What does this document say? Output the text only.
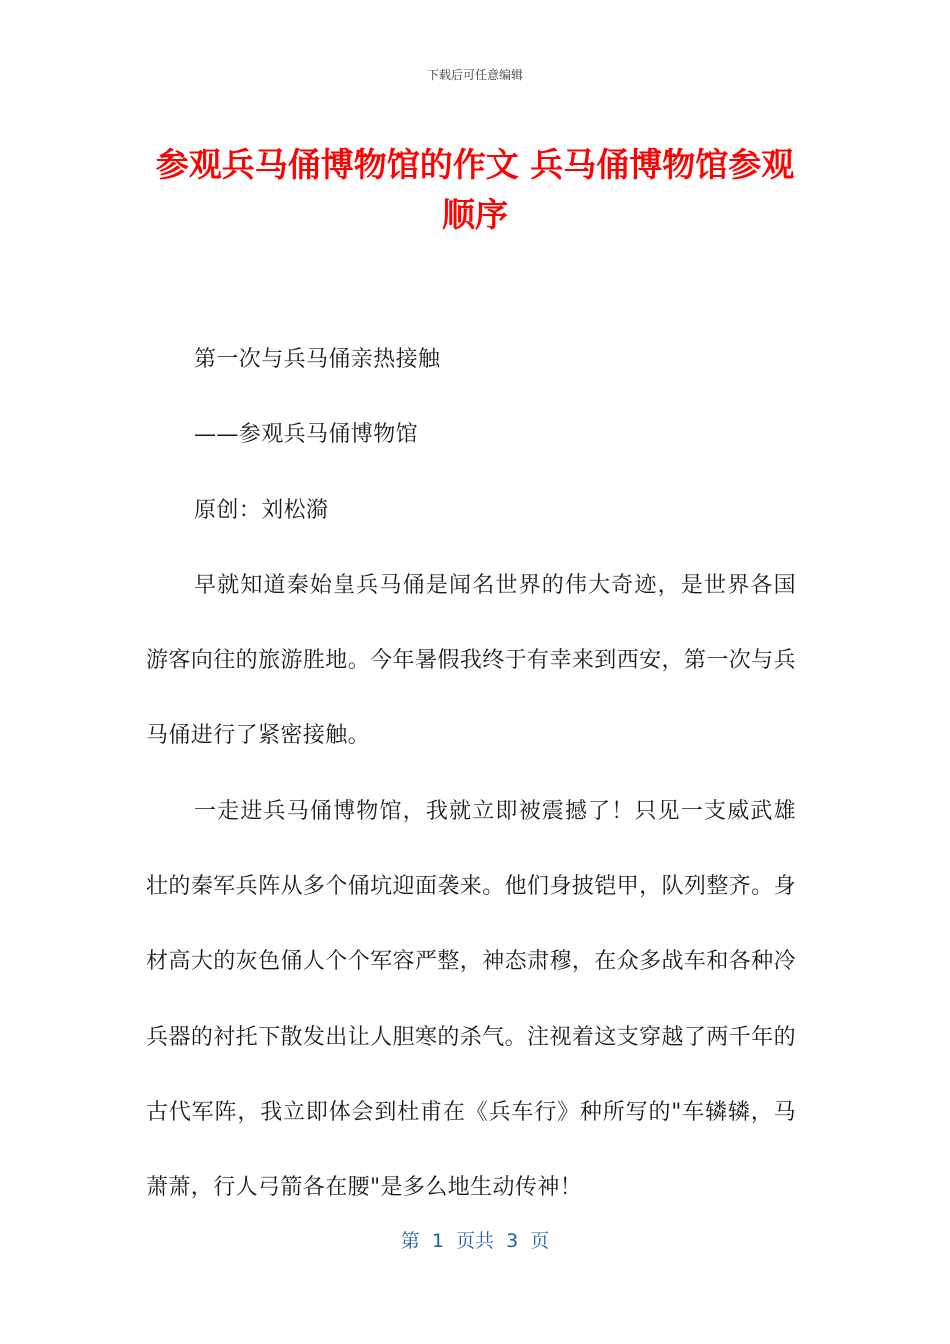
下载后可任意编辑
参观兵马俑博物馆的作文 兵马俑博物馆参观顺序

第一次与兵马俑亲热接触

——参观兵马俑博物馆

原创：刘松漪

早就知道秦始皇兵马俑是闻名世界的伟大奇迹，是世界各国游客向往的旅游胜地。今年暑假我终于有幸来到西安，第一次与兵马俑进行了紧密接触。

一走进兵马俑博物馆，我就立即被震撼了！只见一支威武雄壮的秦军兵阵从多个俑坑迎面袭来。他们身披铠甲，队列整齐。身材高大的灰色俑人个个军容严整，神态肃穆，在众多战车和各种冷兵器的衬托下散发出让人胆寒的杀气。注视着这支穿越了两千年的古代军阵，我立即体会到杜甫在《兵车行》种所写的"车辚辚，马萧萧，行人弓箭各在腰"是多么地生动传神！

第  1  页共  3  页
